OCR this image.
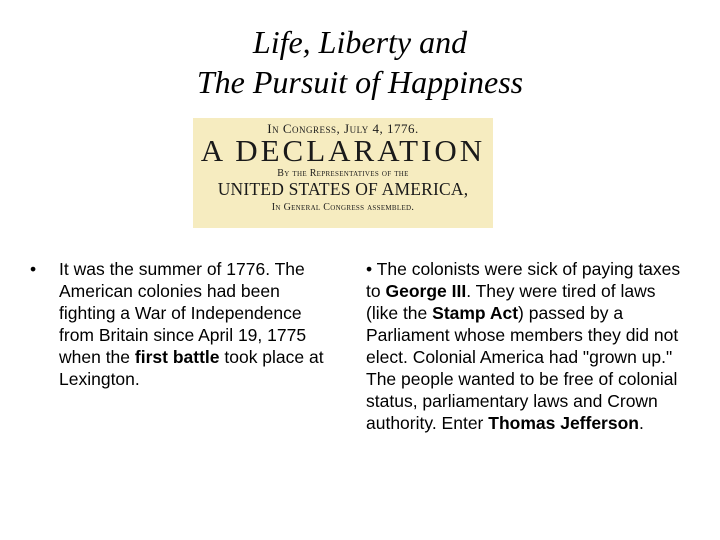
Life, Liberty and
The Pursuit of Happiness
In Congress, July 4, 1776.
A DECLARATION
By the Representatives of the
UNITED STATES OF AMERICA,
In General Congress assembled.
• It was the summer of 1776. The American colonies had been fighting a War of Independence from Britain since April 19, 1775 when the first battle took place at Lexington.
• The colonists were sick of paying taxes to George III. They were tired of laws (like the Stamp Act) passed by a Parliament whose members they did not elect. Colonial America had "grown up." The people wanted to be free of colonial status, parliamentary laws and Crown authority. Enter Thomas Jefferson.
